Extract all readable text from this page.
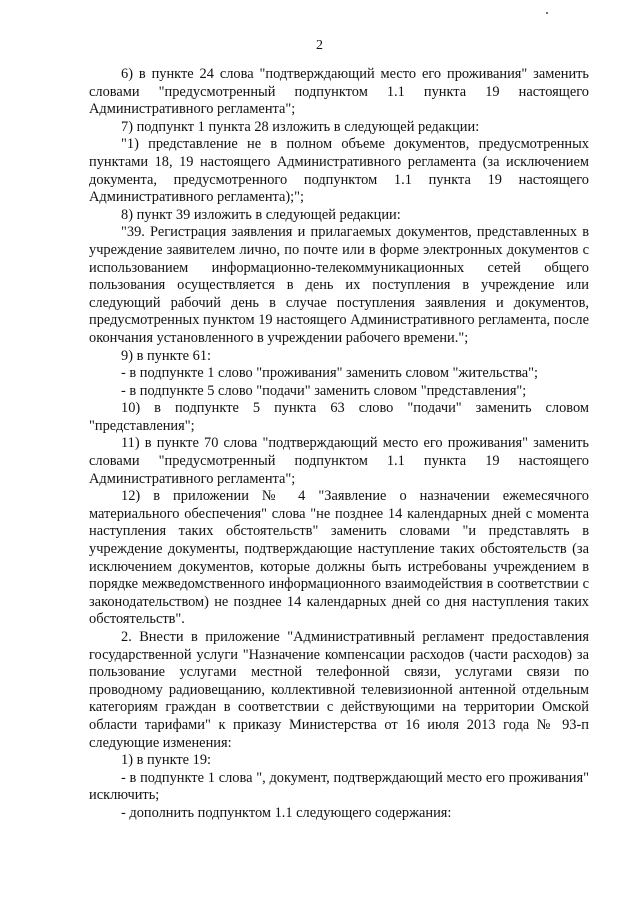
2

6) в пункте 24 слова "подтверждающий место его проживания" заменить словами "предусмотренный подпунктом 1.1 пункта 19 настоящего Административного регламента";

7) подпункт 1 пункта 28 изложить в следующей редакции:

"1) представление не в полном объеме документов, предусмотренных пунктами 18, 19 настоящего Административного регламента (за исключением документа, предусмотренного подпунктом 1.1 пункта 19 настоящего Административного регламента);";

8) пункт 39 изложить в следующей редакции:

"39. Регистрация заявления и прилагаемых документов, представленных в учреждение заявителем лично, по почте или в форме электронных документов с использованием информационно-телекоммуникационных сетей общего пользования осуществляется в день их поступления в учреждение или следующий рабочий день в случае поступления заявления и документов, предусмотренных пунктом 19 настоящего Административного регламента, после окончания установленного в учреждении рабочего времени.";

9) в пункте 61:

- в подпункте 1 слово "проживания" заменить словом "жительства";

- в подпункте 5 слово "подачи" заменить словом "представления";

10) в подпункте 5 пункта 63 слово "подачи" заменить словом "представления";

11) в пункте 70 слова "подтверждающий место его проживания" заменить словами "предусмотренный подпунктом 1.1 пункта 19 настоящего Административного регламента";

12) в приложении № 4 "Заявление о назначении ежемесячного материального обеспечения" слова "не позднее 14 календарных дней с момента наступления таких обстоятельств" заменить словами "и представлять в учреждение документы, подтверждающие наступление таких обстоятельств (за исключением документов, которые должны быть истребованы учреждением в порядке межведомственного информационного взаимодействия в соответствии с законодательством) не позднее 14 календарных дней со дня наступления таких обстоятельств".

2. Внести в приложение "Административный регламент предоставления государственной услуги "Назначение компенсации расходов (части расходов) за пользование услугами местной телефонной связи, услугами связи по проводному радиовещанию, коллективной телевизионной антенной отдельным категориям граждан в соответствии с действующими на территории Омской области тарифами" к приказу Министерства от 16 июля 2013 года № 93-п следующие изменения:

1) в пункте 19:

- в подпункте 1 слова ", документ, подтверждающий место его проживания" исключить;

- дополнить подпунктом 1.1 следующего содержания:
